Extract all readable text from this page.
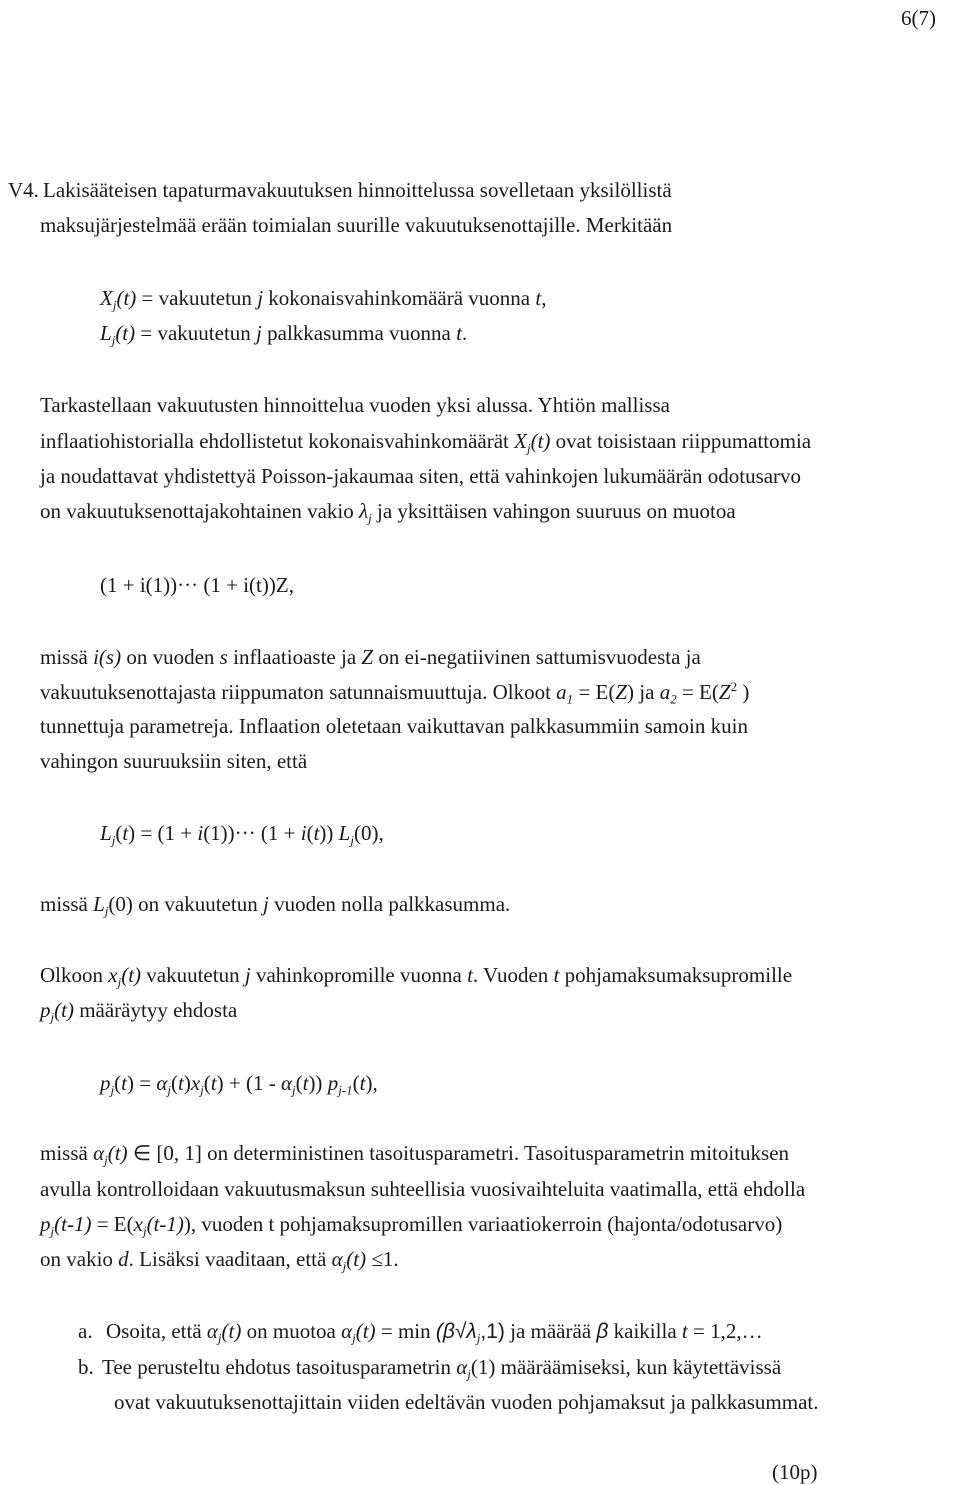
6(7)
V4. Lakisääteisen tapaturmavakuutuksen hinnoittelussa sovelletaan yksilöllistä
maksujärjestelmää erään toimialan suurille vakuutuksenottajille. Merkitään
$X_j(t)$ = vakuutetun j kokonaisvahinkomäärä vuonna t,
$L_j(t)$ = vakuutetun j palkkasumma vuonna t.
Tarkastellaan vakuutusten hinnoittelua vuoden yksi alussa. Yhtiön mallissa
inflaatiohistorialla ehdollistetut kokonaisvahinkomäärät $X_j(t)$ ovat toisistaan riippumattomia
ja noudattavat yhdistettyä Poisson-jakaumaa siten, että vahinkojen lukumäärän odotusarvo
on vakuutuksenottajakohtainen vakio $\lambda_j$ ja yksittäisen vahingon suuruus on muotoa
(1 + i(1))··· (1 + i(t))Z,
missä i(s) on vuoden s inflaatioaste ja Z on ei-negatiivinen sattumisvuodesta ja
vakuutuksenottajasta riippumaton satunnaismuuttuja. Olkoot $a_1 = E(Z)$ ja $a_2 = E(Z^2$ )
tunnettuja parametreja. Inflaation oletetaan vaikuttavan palkkasummiin samoin kuin
vahingon suuruuksiin siten, että
$L_j(t) = (1 + i(1))\cdot\cdot\cdot (1 + i(t))$ $L_j(0)$,
missä $L_j(0)$ on vakuutetun j vuoden nolla palkkasumma.
Olkoon $x_j(t)$ vakuutetun j vahinkopromille vuonna t. Vuoden t pohjamaksumaksupromille
$p_j(t)$ määräytyy ehdosta
$p_j(t) = \alpha_j(t)x_j(t) + (1 - \alpha_j(t))$ $p_{j-1}(t)$,
missä $\alpha_j(t)$ ∈ [0, 1] on deterministinen tasoitusparametri. Tasoitusparametrin mitoituksen
avulla kontrolloidaan vakuutusmaksun suhteellisia vuosivaihteluita vaatimalla, että ehdolla
$p_j(t-1) = E(x_j(t-1))$, vuoden t pohjamaksupromillen variaatiokerroin (hajonta/odotusarvo)
on vakio d. Lisäksi vaaditaan, että $\alpha_j(t) \le 1$.
a. Osoita, että $\alpha_j(t)$ on muotoa $\alpha_j(t) = \min (\beta√\lambda_j,1)$ ja määrää β kaikilla t = 1,2,…
b. Tee perusteltu ehdotus tasoitusparametrin $\alpha_j(1)$ määräämiseksi, kun käytettävissä
ovat vakuutuksenottajittain viiden edeltävän vuoden pohjamaksut ja palkkasummat.
(10p)
